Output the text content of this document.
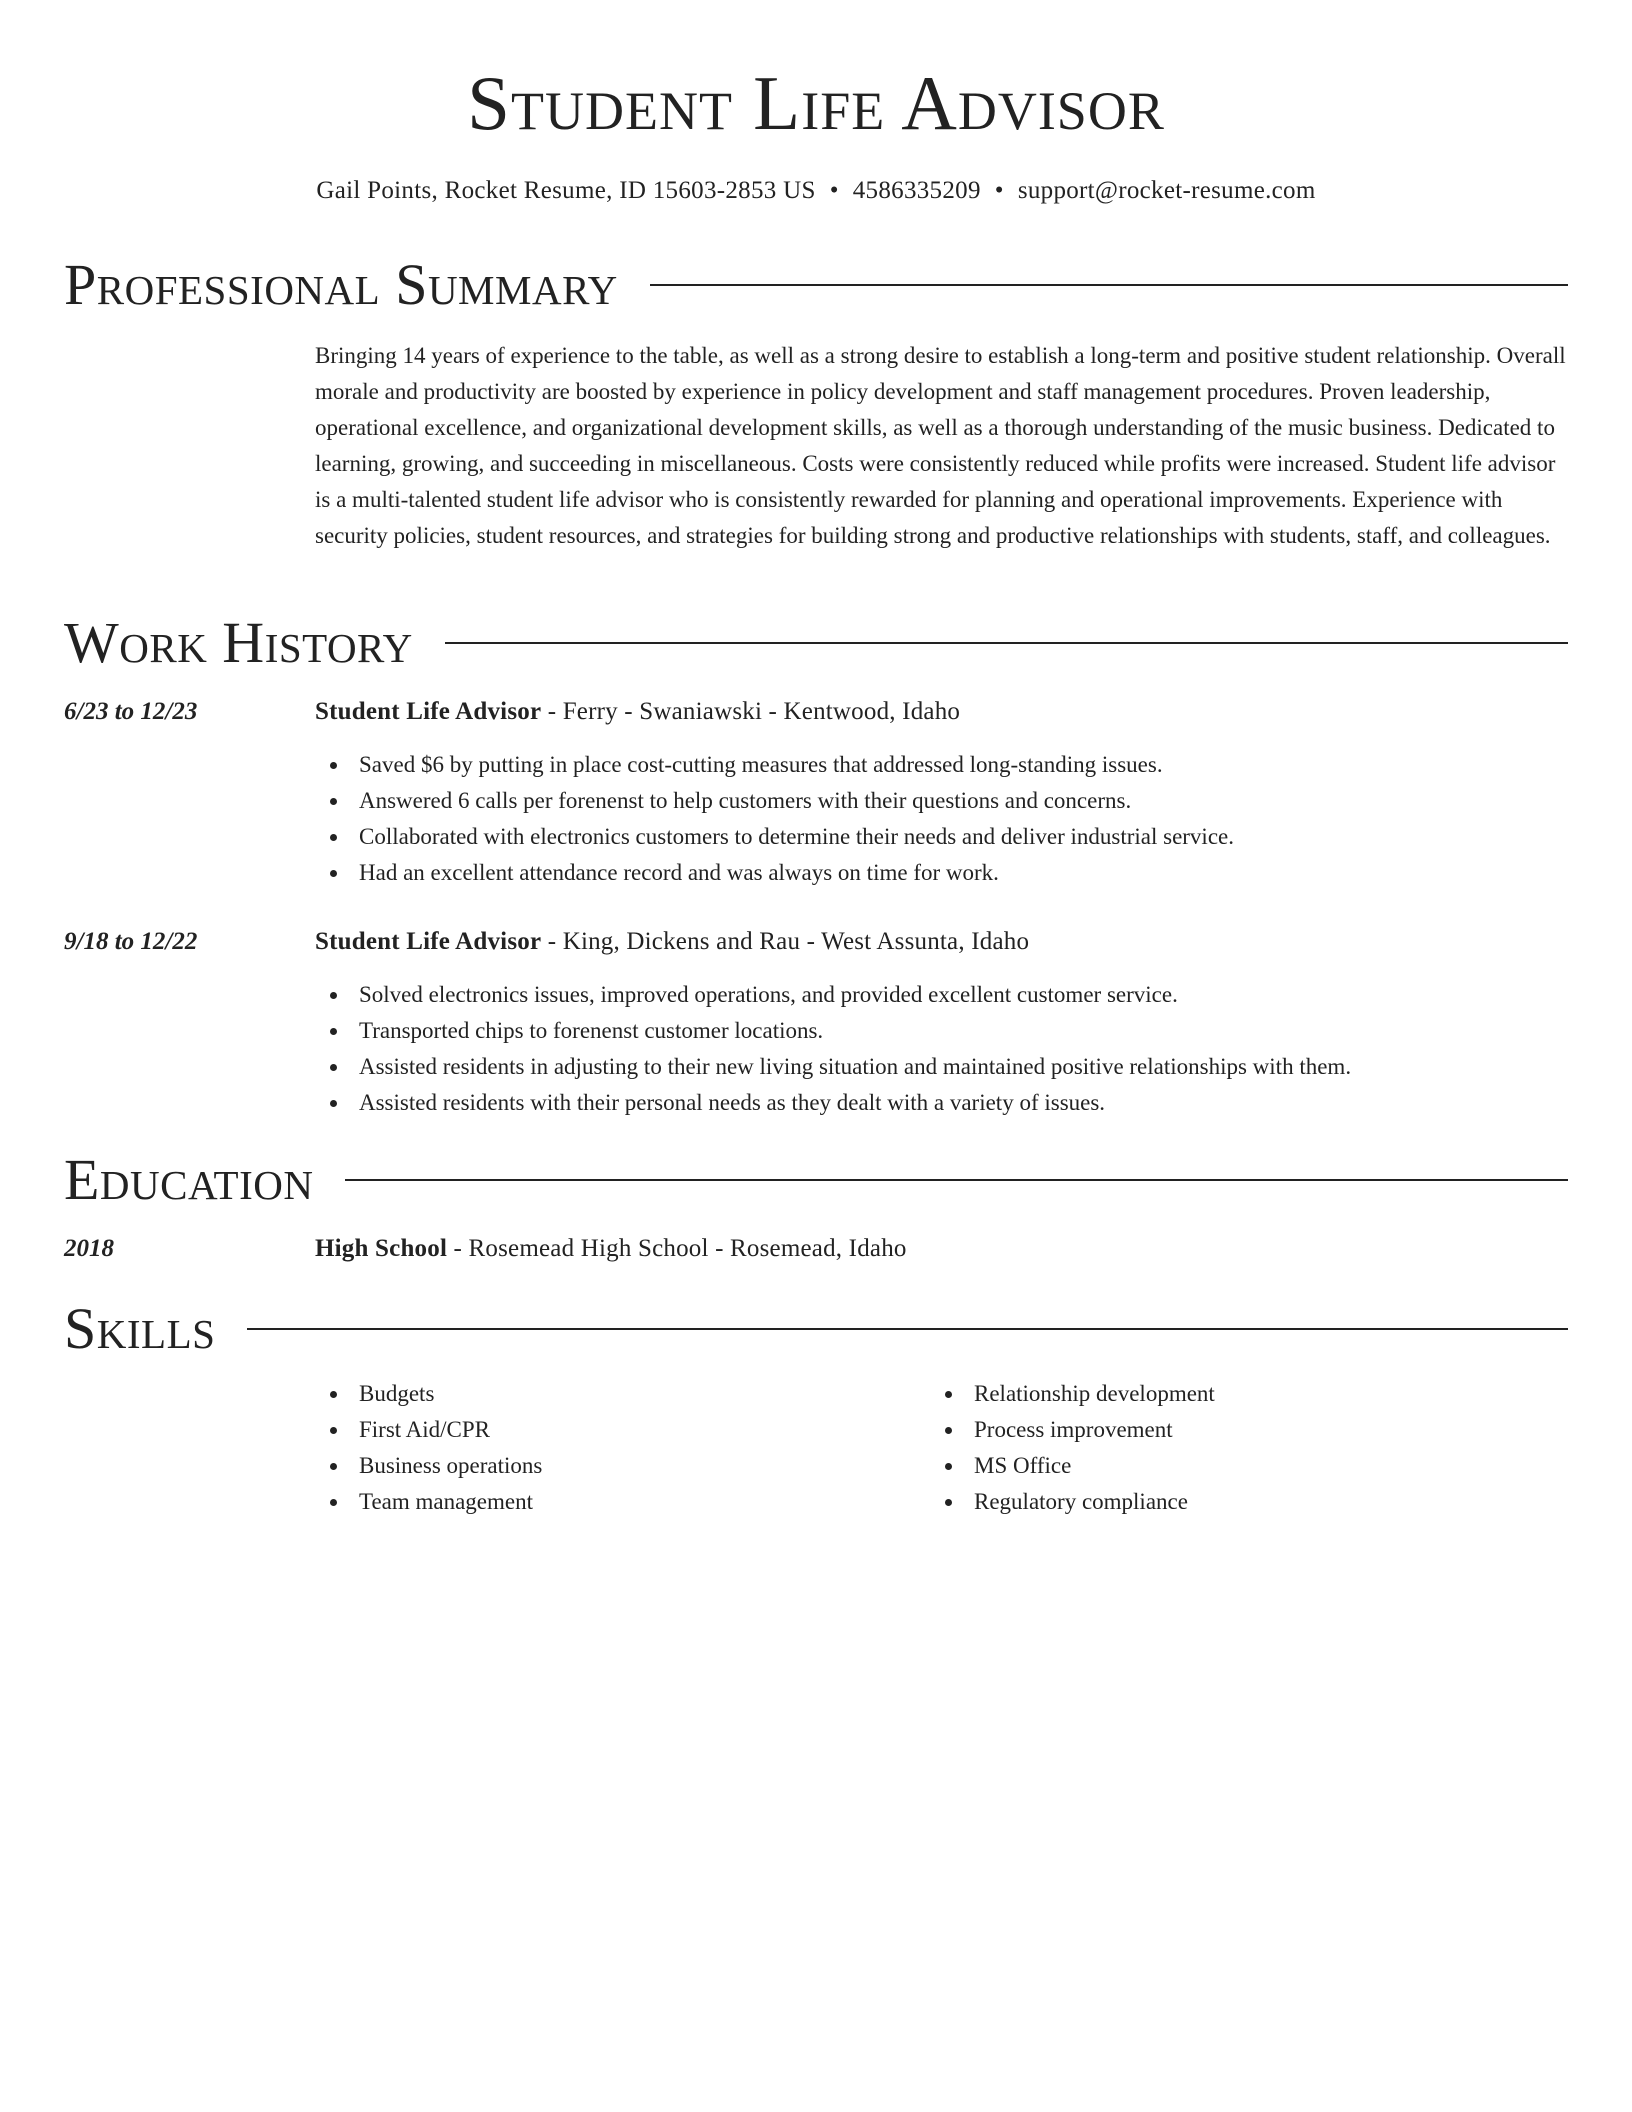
Student Life Advisor
Gail Points, Rocket Resume, ID 15603-2853 US • 4586335209 • support@rocket-resume.com
Professional Summary

Bringing 14 years of experience to the table, as well as a strong desire to establish a long-term and positive student relationship. Overall morale and productivity are boosted by experience in policy development and staff management procedures. Proven leadership, operational excellence, and organizational development skills, as well as a thorough understanding of the music business. Dedicated to learning, growing, and succeeding in miscellaneous. Costs were consistently reduced while profits were increased. Student life advisor is a multi-talented student life advisor who is consistently rewarded for planning and operational improvements. Experience with security policies, student resources, and strategies for building strong and productive relationships with students, staff, and colleagues.

Work History
6/23 to 12/23	Student Life Advisor - Ferry - Swaniawski - Kentwood, Idaho
Saved $6 by putting in place cost-cutting measures that addressed long-standing issues.
Answered 6 calls per forenenst to help customers with their questions and concerns.
Collaborated with electronics customers to determine their needs and deliver industrial service.
Had an excellent attendance record and was always on time for work.
9/18 to 12/22	Student Life Advisor - King, Dickens and Rau - West Assunta, Idaho
Solved electronics issues, improved operations, and provided excellent customer service.
Transported chips to forenenst customer locations.
Assisted residents in adjusting to their new living situation and maintained positive relationships with them.
Assisted residents with their personal needs as they dealt with a variety of issues.
Education
2018	High School - Rosemead High School - Rosemead, Idaho
Skills
Budgets
First Aid/CPR
Business operations
Team management
Relationship development
Process improvement
MS Office
Regulatory compliance
